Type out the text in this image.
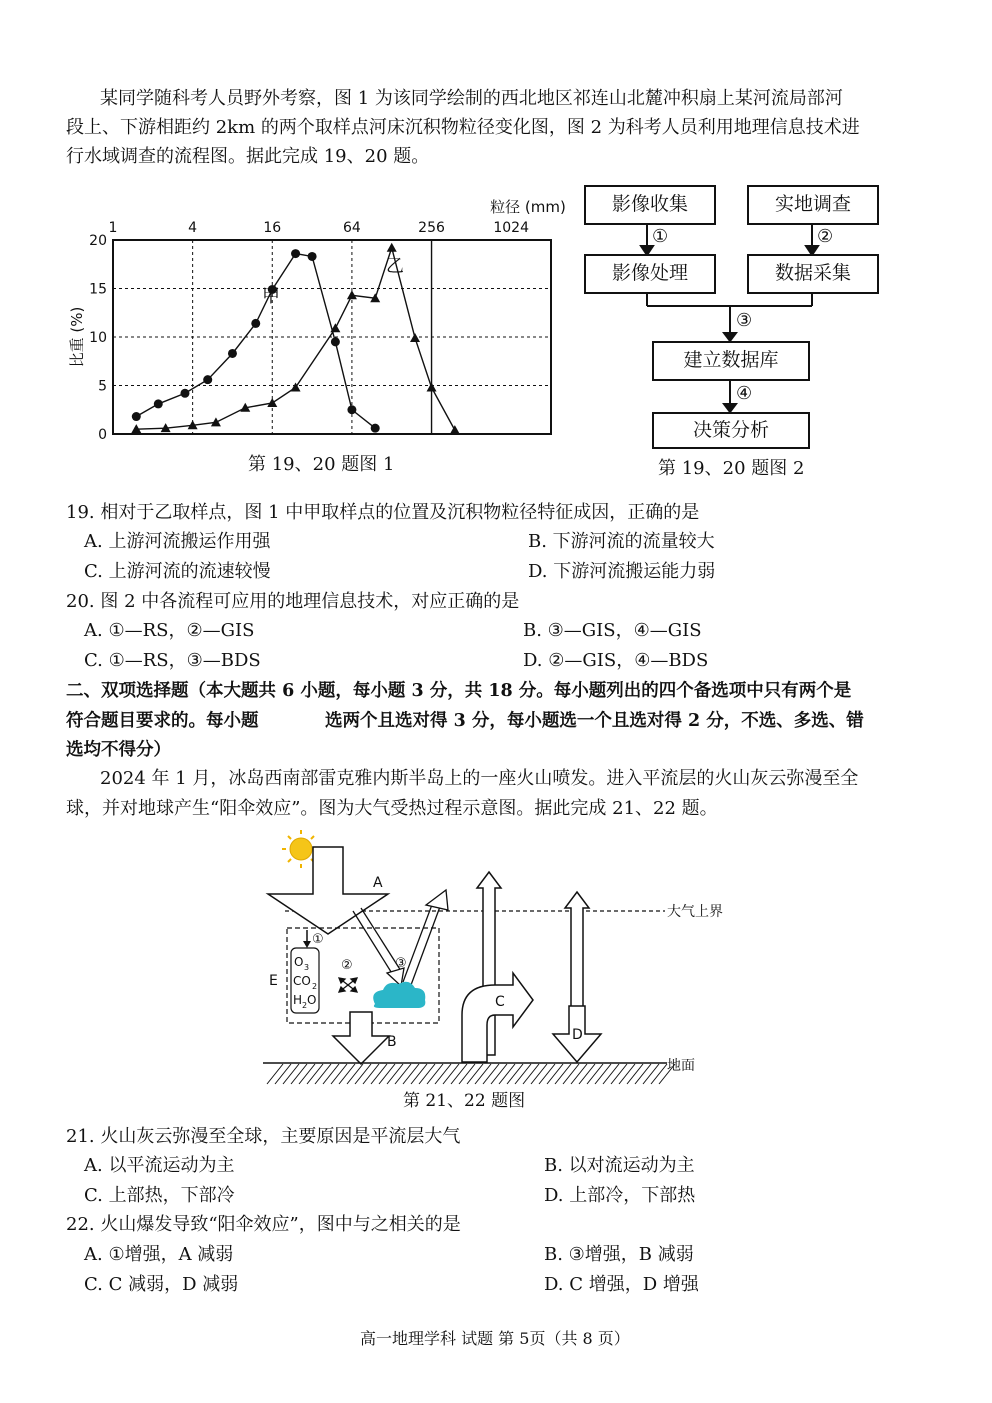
某同学随科考人员野外考察，图 1 为该同学绘制的西北地区祁连山北麓冲积扇上某河流局部河
段上、下游相距约 2km 的两个取样点河床沉积物粒径变化图，图 2 为科考人员利用地理信息技术进
行水域调查的流程图。据此完成 19、20 题。
1	4	16	64	256	1024
0
5
10
15
20
粒径 (mm)
比重 (%)
甲
乙
第 19、20 题图 1
影像收集	实地调查
影像处理	数据采集
建立数据库
决策分析
①	②
③
④
第 19、20 题图 2
19. 相对于乙取样点，图 1 中甲取样点的位置及沉积物粒径特征成因，正确的是
A. 上游河流搬运作用强	B. 下游河流的流量较大
C. 上游河流的流速较慢	D. 下游河流搬运能力弱
20. 图 2 中各流程可应用的地理信息技术，对应正确的是
A. ①—RS，②—GIS	B. ③—GIS，④—GIS
C. ①—RS，③—BDS	D. ②—GIS，④—BDS
二、双项选择题（本大题共 6 小题，每小题 3 分，共 18 分。每小题列出的四个备选项中只有两个是
符合题目要求的。每小题	选两个且选对得 3 分，每小题选一个且选对得 2 分，不选、多选、错
选均不得分）
2024 年 1 月，冰岛西南部雷克雅内斯半岛上的一座火山喷发。进入平流层的火山灰云弥漫至全
球，并对地球产生“阳伞效应”。图为大气受热过程示意图。据此完成 21、22 题。
大气上界
A
E
O 3
CO 2
H 2 O
①
②	③
B
C
D
地面
第 21、22 题图
21. 火山灰云弥漫至全球，主要原因是平流层大气
A. 以平流运动为主	B. 以对流运动为主
C. 上部热，下部冷	D. 上部冷，下部热
22. 火山爆发导致“阳伞效应”，图中与之相关的是
A. ①增强，A 减弱	B. ③增强，B 减弱
C. C 减弱，D 减弱	D. C 增强，D 增强
高一地理学科 试题 第 5页（共 8 页）
